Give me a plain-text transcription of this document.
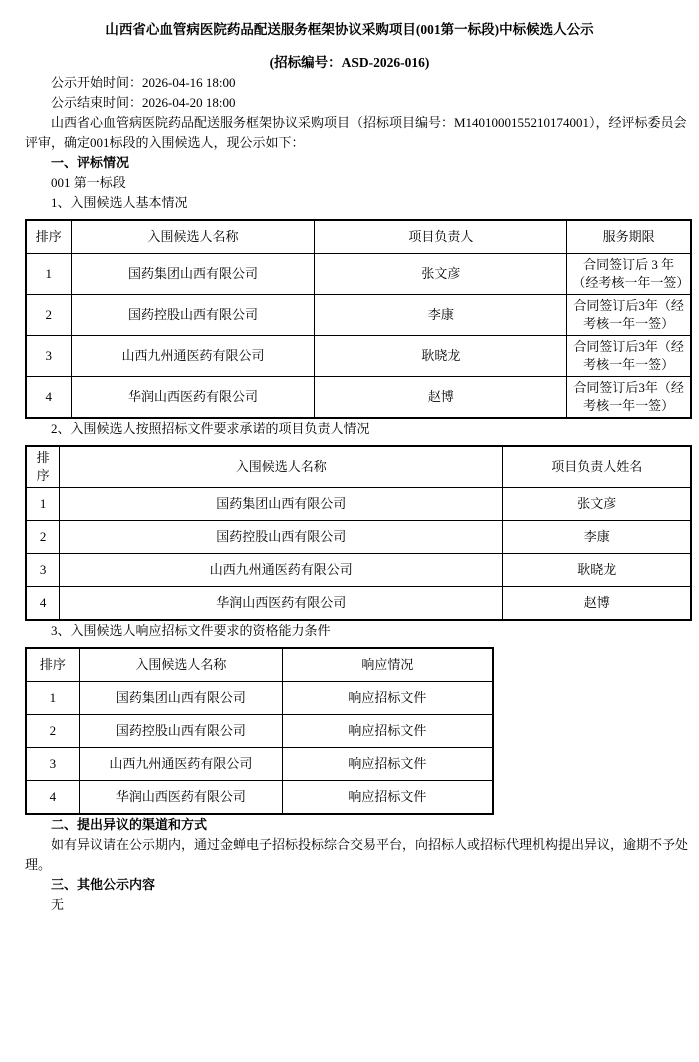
山西省心血管病医院药品配送服务框架协议采购项目(001第一标段)中标候选人公示
(招标编号：ASD-2026-016)

公示开始时间：2026-04-16 18:00

公示结束时间：2026-04-20 18:00

山西省心血管病医院药品配送服务框架协议采购项目（招标项目编号：M1401000155210174001），经评标委员会评审，确定001标段的入围候选人，现公示如下：

一、评标情况

001 第一标段

1、入围候选人基本情况

排序	入围候选人名称	项目负责人	服务期限
1	国药集团山西有限公司	张文彦	合同签订后 3 年（经考核一年一签）
2	国药控股山西有限公司	李康	合同签订后3年（经考核一年一签）
3	山西九州通医药有限公司	耿晓龙	合同签订后3年（经考核一年一签）
4	华润山西医药有限公司	赵博	合同签订后3年（经考核一年一签）

2、入围候选人按照招标文件要求承诺的项目负责人情况

排序	入围候选人名称	项目负责人姓名
1	国药集团山西有限公司	张文彦
2	国药控股山西有限公司	李康
3	山西九州通医药有限公司	耿晓龙
4	华润山西医药有限公司	赵博

3、入围候选人响应招标文件要求的资格能力条件

排序	入围候选人名称	响应情况
1	国药集团山西有限公司	响应招标文件
2	国药控股山西有限公司	响应招标文件
3	山西九州通医药有限公司	响应招标文件
4	华润山西医药有限公司	响应招标文件

二、提出异议的渠道和方式

如有异议请在公示期内，通过金蝉电子招标投标综合交易平台，向招标人或招标代理机构提出异议，逾期不予处理。

三、其他公示内容

无
